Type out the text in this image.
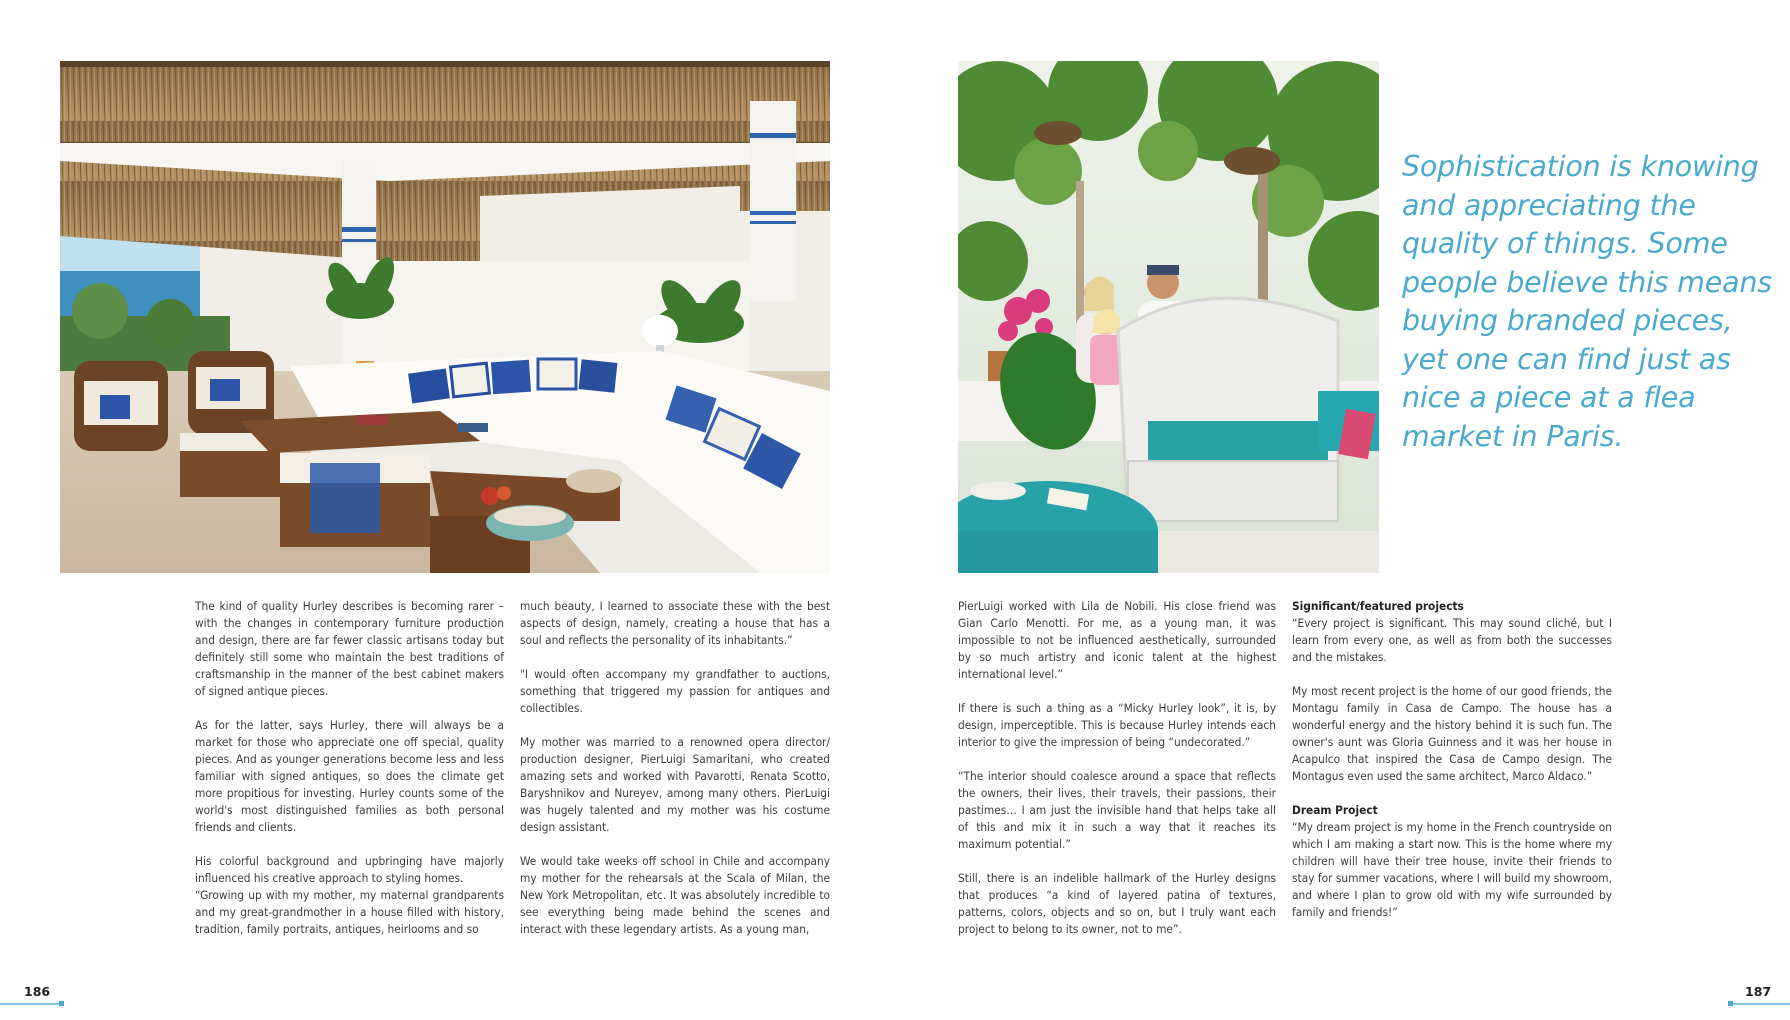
Sophistication is knowing and appreciating the quality of things. Some people believe this means buying branded pieces, yet one can find just as nice a piece at a flea market in Paris.

The kind of quality Hurley describes is becoming rarer – with the changes in contemporary furniture production and design, there are far fewer classic artisans today but definitely still some who maintain the best traditions of craftsmanship in the manner of the best cabinet makers of signed antique pieces.

As for the latter, says Hurley, there will always be a market for those who appreciate one off special, quality pieces. And as younger generations become less and less familiar with signed antiques, so does the climate get more propitious for investing. Hurley counts some of the world's most distinguished families as both personal friends and clients.

His colorful background and upbringing have majorly influenced his creative approach to styling homes.

“Growing up with my mother, my maternal grandparents and my great-grandmother in a house filled with history, tradition, family portraits, antiques, heirlooms and so

much beauty, I learned to associate these with the best aspects of design, namely, creating a house that has a soul and reflects the personality of its inhabitants.”

"I would often accompany my grandfather to auctions, something that triggered my passion for antiques and collectibles.

My mother was married to a renowned opera director/ production designer, PierLuigi Samaritani, who created amazing sets and worked with Pavarotti, Renata Scotto, Baryshnikov and Nureyev, among many others. PierLuigi was hugely talented and my mother was his costume design assistant.

We would take weeks off school in Chile and accompany my mother for the rehearsals at the Scala of Milan, the New York Metropolitan, etc. It was absolutely incredible to see everything being made behind the scenes and interact with these legendary artists. As a young man,

PierLuigi worked with Lila de Nobili. His close friend was Gian Carlo Menotti. For me, as a young man, it was impossible to not be influenced aesthetically, surrounded by so much artistry and iconic talent at the highest international level.”

If there is such a thing as a “Micky Hurley look”, it is, by design, imperceptible. This is because Hurley intends each interior to give the impression of being “undecorated.”

“The interior should coalesce around a space that reflects the owners, their lives, their travels, their passions, their pastimes… I am just the invisible hand that helps take all of this and mix it in such a way that it reaches its maximum potential.”

Still, there is an indelible hallmark of the Hurley designs that produces “a kind of layered patina of textures, patterns, colors, objects and so on, but I truly want each project to belong to its owner, not to me”.

Significant/featured projects

“Every project is significant. This may sound cliché, but I learn from every one, as well as from both the successes and the mistakes.

My most recent project is the home of our good friends, the Montagu family in Casa de Campo. The house has a wonderful energy and the history behind it is such fun. The owner's aunt was Gloria Guinness and it was her house in Acapulco that inspired the Casa de Campo design. The Montagus even used the same architect, Marco Aldaco.”

Dream Project

“My dream project is my home in the French countryside on which I am making a start now. This is the home where my children will have their tree house, invite their friends to stay for summer vacations, where I will build my showroom, and where I plan to grow old with my wife surrounded by family and friends!”

186	187
